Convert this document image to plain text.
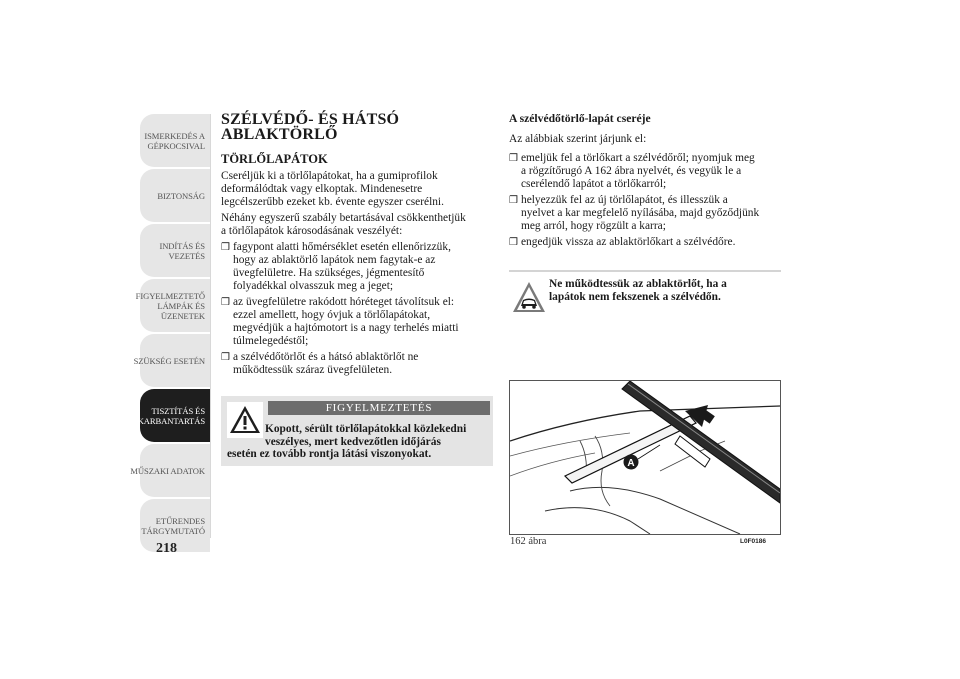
ISMERKEDÉS A
GÉPKOCSIVAL
BIZTONSÁG
INDÍTÁS ÉS
VEZETÉS
FIGYELMEZTETŐ
LÁMPÁK ÉS
ÜZENETEK
SZÜKSÉG ESETÉN
TISZTÍTÁS ÉS
KARBANTARTÁS
MŰSZAKI ADATOK
ETŰRENDES
TÁRGYMUTATÓ
218
SZÉLVÉDŐ- ÉS HÁTSÓ
ABLAKTÖRLŐ
TÖRLŐLAPÁTOK

Cseréljük ki a törlőlapátokat, ha a gumiprofilok
deformálódtak vagy elkoptak. Mindenesetre
legcélszerűbb ezeket kb. évente egyszer cserélni.

Néhány egyszerű szabály betartásával csökkenthetjük
a törlőlapátok károsodásának veszélyét:

❒ fagypont alatti hőmérséklet esetén ellenőrizzük,
hogy az ablaktörlő lapátok nem fagytak-e az
üvegfelületre. Ha szükséges, jégmentesítő
folyadékkal olvasszuk meg a jeget;
❒ az üvegfelületre rakódott hóréteget távolítsuk el:
ezzel amellett, hogy óvjuk a törlőlapátokat,
megvédjük a hajtómotort is a nagy terhelés miatti
túlmelegedéstől;
❒ a szélvédőtörlőt és a hátsó ablaktörlőt ne
működtessük száraz üvegfelületen.
FIGYELMEZTETÉS
Kopott, sérült törlőlapátokkal közlekedni
veszélyes, mert kedvezőtlen időjárás
esetén ez tovább rontja látási viszonyokat.
A szélvédőtörlő-lapát cseréje

Az alábbiak szerint járjunk el:

❒ emeljük fel a törlőkart a szélvédőről; nyomjuk meg
a rögzítőrugó A 162 ábra nyelvét, és vegyük le a
cserélendő lapátot a törlőkarról;
❒ helyezzük fel az új törlőlapátot, és illesszük a
nyelvet a kar megfelelő nyílásába, majd győződjünk
meg arról, hogy rögzült a karra;
❒ engedjük vissza az ablaktörlőkart a szélvédőre.
Ne működtessük az ablaktörlőt, ha a
lapátok nem fekszenek a szélvédőn.
A
162 ábra	L0F0186
